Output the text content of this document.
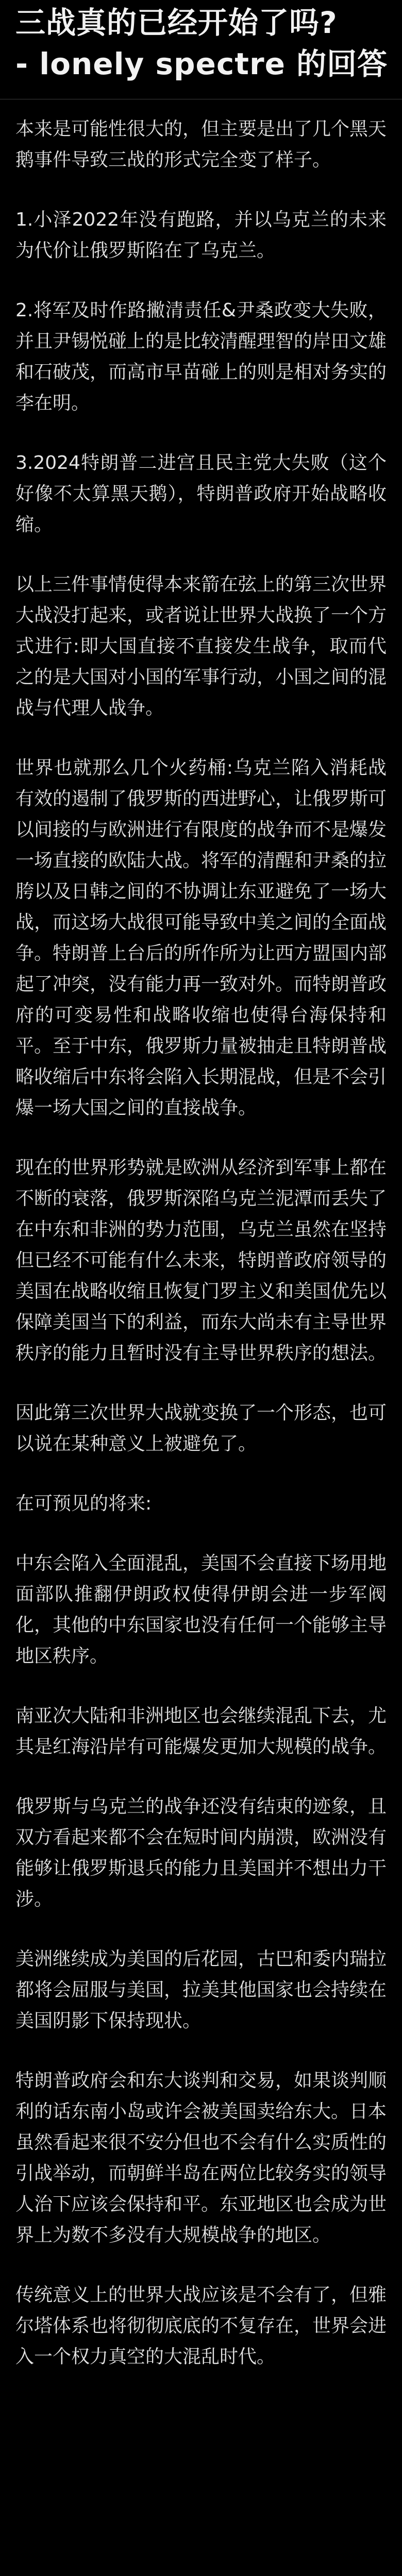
三战真的已经开始了吗?
- lonely spectre 的回答

本来是可能性很大的，但主要是出了几个黑天鹅事件导致三战的形式完全变了样子。

1.小泽2022年没有跑路，并以乌克兰的未来为代价让俄罗斯陷在了乌克兰。

2.将军及时作路撇清责任&尹桑政变大失败，并且尹锡悦碰上的是比较清醒理智的岸田文雄和石破茂，而高市早苗碰上的则是相对务实的李在明。

3.2024特朗普二进宫且民主党大失败（这个好像不太算黑天鹅），特朗普政府开始战略收缩。

以上三件事情使得本来箭在弦上的第三次世界大战没打起来，或者说让世界大战换了一个方式进行:即大国直接不直接发生战争，取而代之的是大国对小国的军事行动，小国之间的混战与代理人战争。

世界也就那么几个火药桶:乌克兰陷入消耗战有效的遏制了俄罗斯的西进野心，让俄罗斯可以间接的与欧洲进行有限度的战争而不是爆发一场直接的欧陆大战。将军的清醒和尹桑的拉胯以及日韩之间的不协调让东亚避免了一场大战，而这场大战很可能导致中美之间的全面战争。特朗普上台后的所作所为让西方盟国内部起了冲突，没有能力再一致对外。而特朗普政府的可变易性和战略收缩也使得台海保持和平。至于中东，俄罗斯力量被抽走且特朗普战略收缩后中东将会陷入长期混战，但是不会引爆一场大国之间的直接战争。

现在的世界形势就是欧洲从经济到军事上都在不断的衰落，俄罗斯深陷乌克兰泥潭而丢失了在中东和非洲的势力范围，乌克兰虽然在坚持但已经不可能有什么未来，特朗普政府领导的美国在战略收缩且恢复门罗主义和美国优先以保障美国当下的利益，而东大尚未有主导世界秩序的能力且暂时没有主导世界秩序的想法。

因此第三次世界大战就变换了一个形态，也可以说在某种意义上被避免了。

在可预见的将来:

中东会陷入全面混乱，美国不会直接下场用地面部队推翻伊朗政权使得伊朗会进一步军阀化，其他的中东国家也没有任何一个能够主导地区秩序。

南亚次大陆和非洲地区也会继续混乱下去，尤其是红海沿岸有可能爆发更加大规模的战争。

俄罗斯与乌克兰的战争还没有结束的迹象，且双方看起来都不会在短时间内崩溃，欧洲没有能够让俄罗斯退兵的能力且美国并不想出力干涉。

美洲继续成为美国的后花园，古巴和委内瑞拉都将会屈服与美国，拉美其他国家也会持续在美国阴影下保持现状。

特朗普政府会和东大谈判和交易，如果谈判顺利的话东南小岛或许会被美国卖给东大。日本虽然看起来很不安分但也不会有什么实质性的引战举动，而朝鲜半岛在两位比较务实的领导人治下应该会保持和平。东亚地区也会成为世界上为数不多没有大规模战争的地区。

传统意义上的世界大战应该是不会有了，但雅尔塔体系也将彻彻底底的不复存在，世界会进入一个权力真空的大混乱时代。
